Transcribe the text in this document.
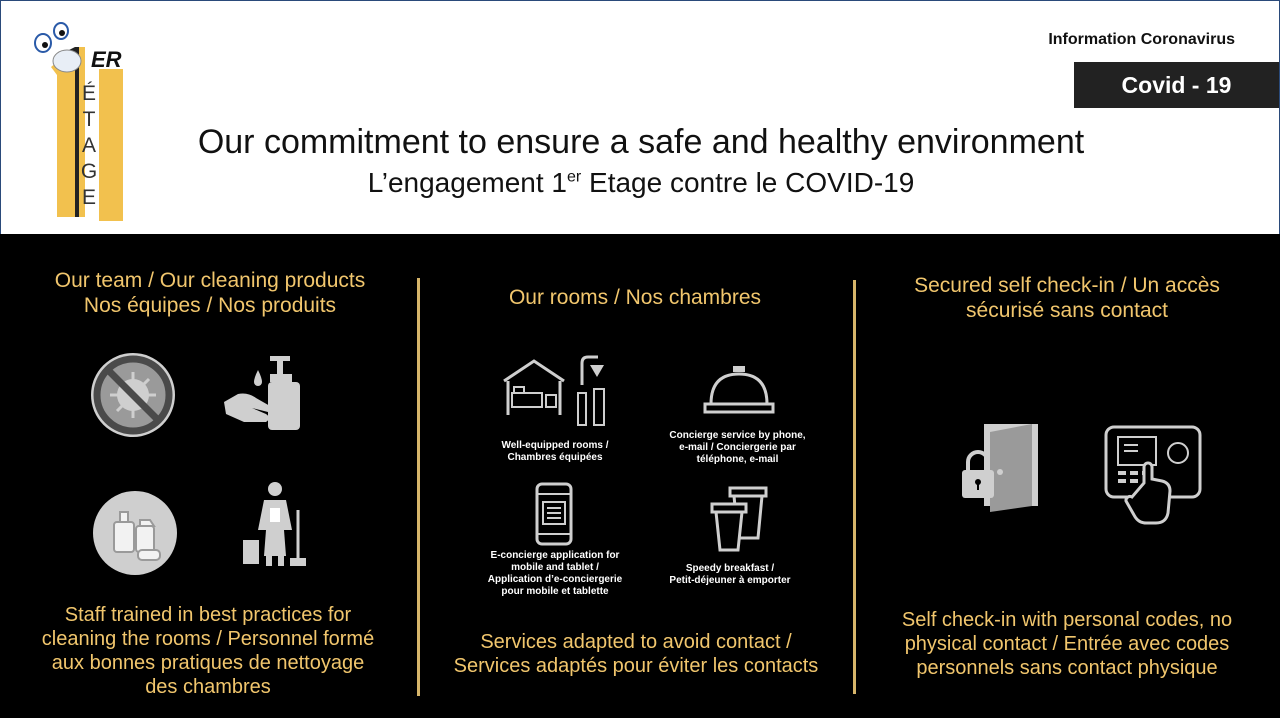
ER
ÉTAGE
Information Coronavirus
Covid - 19
Our commitment to ensure a safe and healthy environment
L’engagement 1er Etage contre le COVID-19
Our team / Our cleaning products
Nos équipes / Nos produits
Staff trained in best practices for
cleaning the rooms / Personnel formé
aux bonnes pratiques de nettoyage
des chambres
Our rooms / Nos chambres
Well-equipped rooms /
Chambres équipées
Concierge service by phone,
e-mail / Conciergerie par
téléphone, e-mail
E-concierge application for
mobile and tablet /
Application d’e-conciergerie
pour mobile et tablette
Speedy breakfast /
Petit-déjeuner à emporter
Services adapted to avoid contact /
Services adaptés pour éviter les contacts
Secured self check-in / Un accès
sécurisé sans contact
Self check-in with personal codes, no
physical contact / Entrée avec codes
personnels sans contact physique
